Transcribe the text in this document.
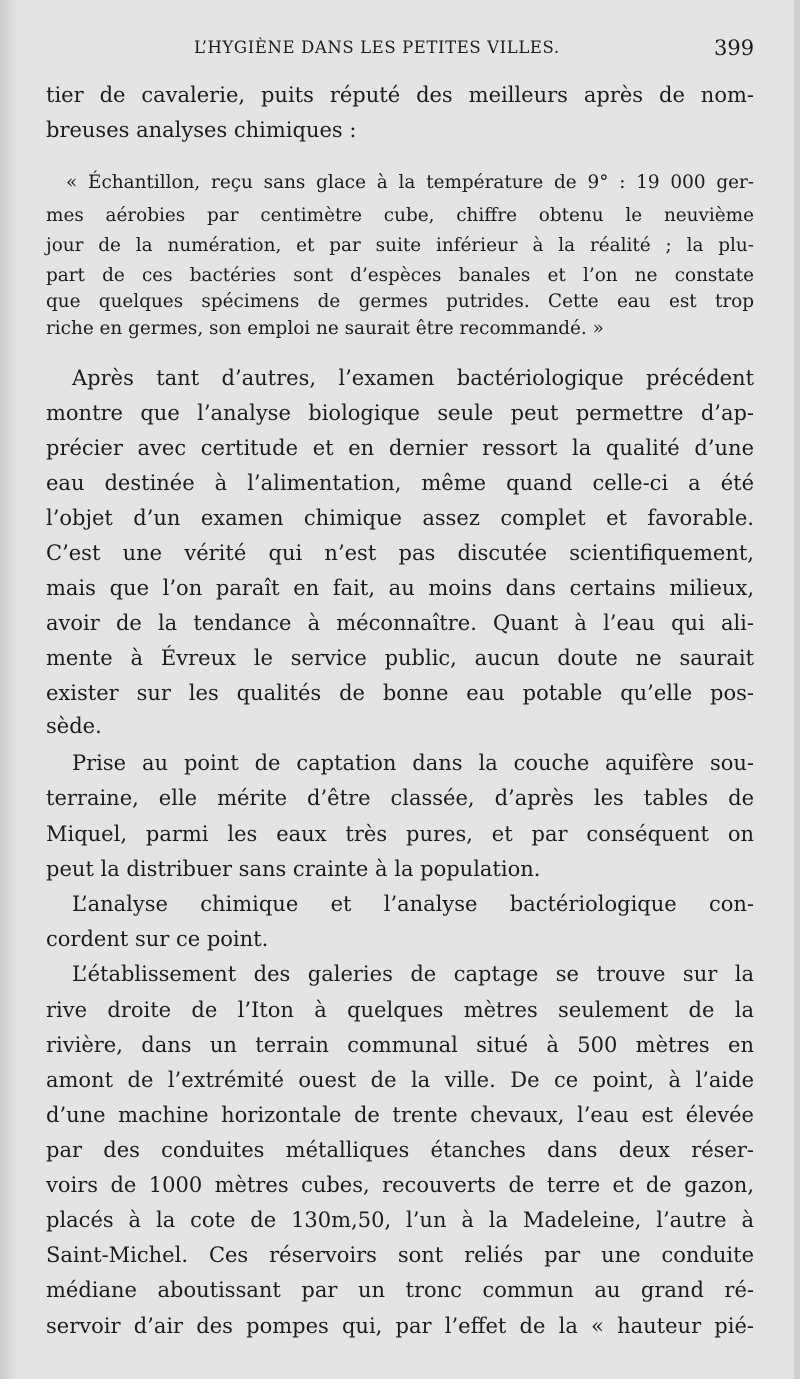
L’HYGIÈNE DANS LES PETITES VILLES.	399
tier de cavalerie, puits réputé des meilleurs après de nom-
breuses analyses chimiques :
« Échantillon, reçu sans glace à la température de 9° : 19 000 ger-
mes aérobies par centimètre cube, chiffre obtenu le neuvième
jour de la numération, et par suite inférieur à la réalité ; la plu-
part de ces bactéries sont d’espèces banales et l’on ne constate
que quelques spécimens de germes putrides. Cette eau est trop
riche en germes, son emploi ne saurait être recommandé. »
Après tant d’autres, l’examen bactériologique précédent
montre que l’analyse biologique seule peut permettre d’ap-
précier avec certitude et en dernier ressort la qualité d’une
eau destinée à l’alimentation, même quand celle-ci a été
l’objet d’un examen chimique assez complet et favorable.
C’est une vérité qui n’est pas discutée scientifiquement,
mais que l’on paraît en fait, au moins dans certains milieux,
avoir de la tendance à méconnaître. Quant à l’eau qui ali-
mente à Évreux le service public, aucun doute ne saurait
exister sur les qualités de bonne eau potable qu’elle pos-
sède.
Prise au point de captation dans la couche aquifère sou-
terraine, elle mérite d’être classée, d’après les tables de
Miquel, parmi les eaux très pures, et par conséquent on
peut la distribuer sans crainte à la population.
L’analyse chimique et l’analyse bactériologique con-
cordent sur ce point.
L’établissement des galeries de captage se trouve sur la
rive droite de l’Iton à quelques mètres seulement de la
rivière, dans un terrain communal situé à 500 mètres en
amont de l’extrémité ouest de la ville. De ce point, à l’aide
d’une machine horizontale de trente chevaux, l’eau est élevée
par des conduites métalliques étanches dans deux réser-
voirs de 1000 mètres cubes, recouverts de terre et de gazon,
placés à la cote de 130m,50, l’un à la Madeleine, l’autre à
Saint-Michel. Ces réservoirs sont reliés par une conduite
médiane aboutissant par un tronc commun au grand ré-
servoir d’air des pompes qui, par l’effet de la « hauteur pié-
